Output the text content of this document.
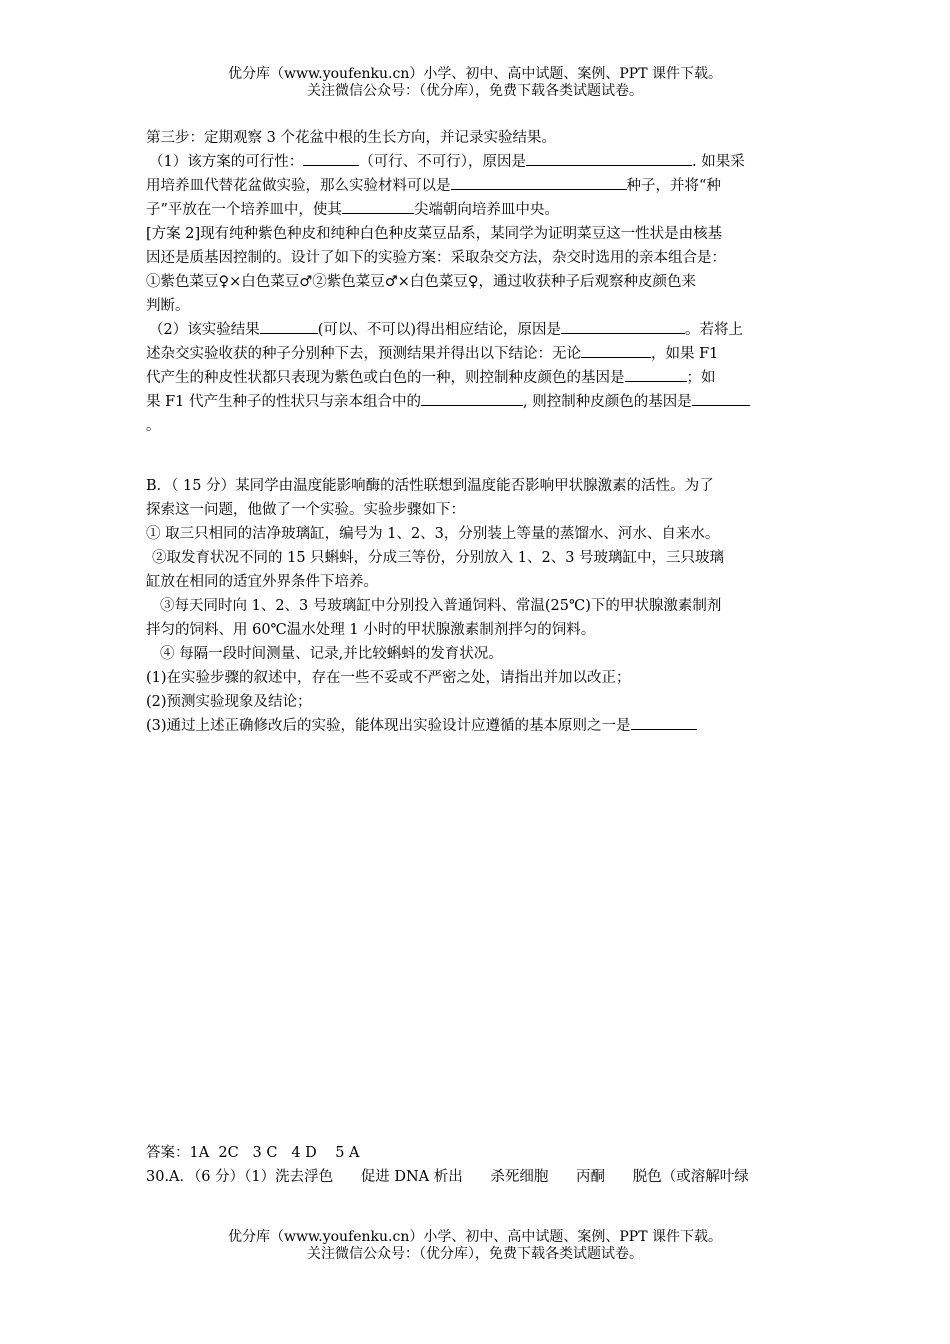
优分库（www.youfenku.cn）小学、初中、高中试题、案例、PPT 课件下载。
关注微信公众号：（优分库），免费下载各类试题试卷。

第三步：定期观察 3 个花盆中根的生长方向，并记录实验结果。

（1）该方案的可行性：	（可行、不可行），原因是	. 如果采

用培养皿代替花盆做实验，那么实验材料可以是	种子，并将“种

子”平放在一个培养皿中，使其	尖端朝向培养皿中央。

[方案 2]现有纯种紫色种皮和纯种白色种皮菜豆品系，某同学为证明菜豆这一性状是由核基

因还是质基因控制的。设计了如下的实验方案：采取杂交方法，杂交时选用的亲本组合是：

①紫色菜豆♀×白色菜豆♂②紫色菜豆♂×白色菜豆♀，通过收获种子后观察种皮颜色来

判断。

（2）该实验结果	(可以、不可以)得出相应结论，原因是	。若将上

述杂交实验收获的种子分别种下去，预测结果并得出以下结论：无论	，如果 F1

代产生的种皮性状都只表现为紫色或白色的一种，则控制种皮颜色的基因是	；如

果 F1 代产生种子的性状只与亲本组合中的	, 则控制种皮颜色的基因是

。

B．（ 15 分）某同学由温度能影响酶的活性联想到温度能否影响甲状腺激素的活性。为了

探索这一问题，他做了一个实验。实验步骤如下：

① 取三只相同的洁净玻璃缸，编号为 1、2、3，分别装上等量的蒸馏水、河水、自来水。

②取发育状况不同的 15 只蝌蚪，分成三等份，分别放入 1、2、3 号玻璃缸中，三只玻璃

缸放在相同的适宜外界条件下培养。

③每天同时向 1、2、3 号玻璃缸中分别投入普通饲料、常温(25℃)下的甲状腺激素制剂

拌匀的饲料、用 60℃温水处理 1 小时的甲状腺激素制剂拌匀的饲料。

④ 每隔一段时间测量、记录,并比较蝌蚪的发育状况。

(1)在实验步骤的叙述中，存在一些不妥或不严密之处，请指出并加以改正；

(2)预测实验现象及结论；

(3)通过上述正确修改后的实验，能体现出实验设计应遵循的基本原则之一是

答案：1A  2C   3 C   4 D    5 A

30.A．（6 分）（1）洗去浮色      促进 DNA 析出      杀死细胞      丙酮      脱色（或溶解叶绿

优分库（www.youfenku.cn）小学、初中、高中试题、案例、PPT 课件下载。
关注微信公众号：（优分库），免费下载各类试题试卷。
